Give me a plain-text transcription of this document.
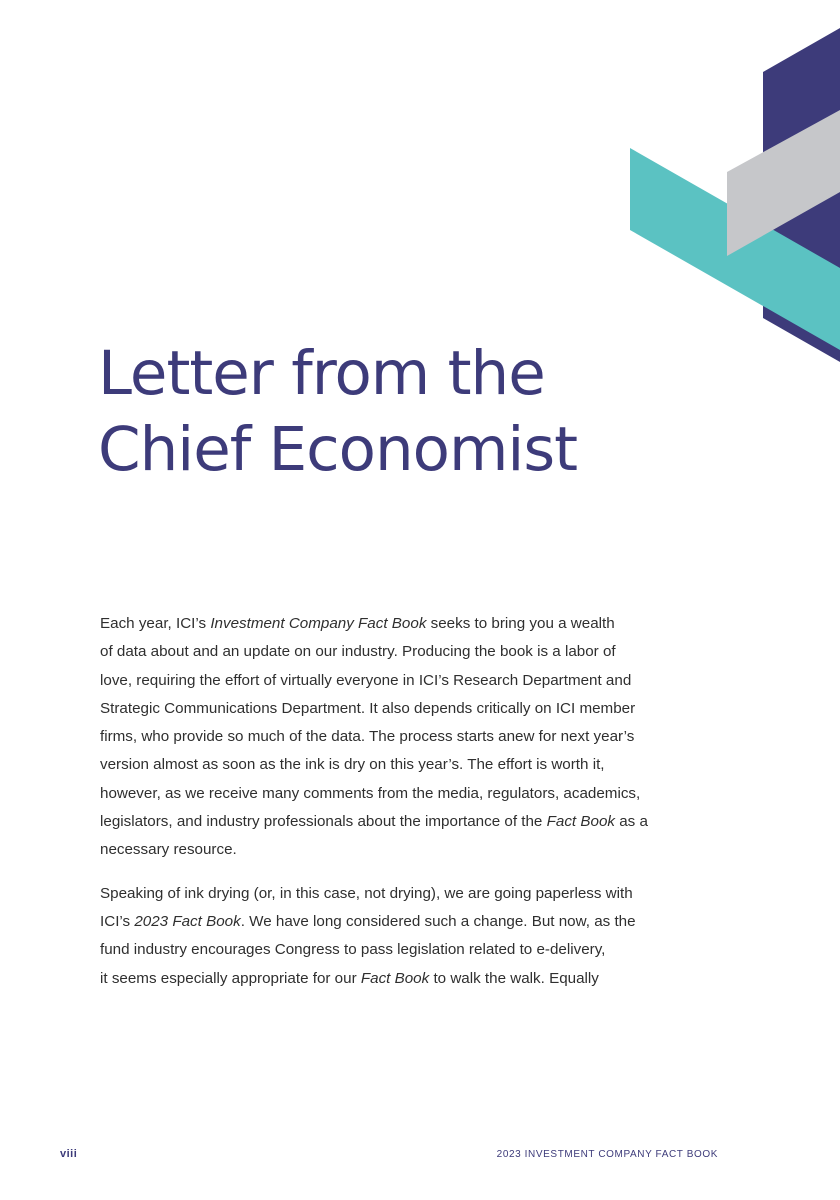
Letter from the
Chief Economist

Each year, ICI’s Investment Company Fact Book seeks to bring you a wealth
of data about and an update on our industry. Producing the book is a labor of
love, requiring the effort of virtually everyone in ICI’s Research Department and
Strategic Communications Department. It also depends critically on ICI member
firms, who provide so much of the data. The process starts anew for next year’s
version almost as soon as the ink is dry on this year’s. The effort is worth it,
however, as we receive many comments from the media, regulators, academics,
legislators, and industry professionals about the importance of the Fact Book as a
necessary resource.

Speaking of ink drying (or, in this case, not drying), we are going paperless with
ICI’s 2023 Fact Book. We have long considered such a change. But now, as the
fund industry encourages Congress to pass legislation related to e-delivery,
it seems especially appropriate for our Fact Book to walk the walk. Equally

viii	2023 INVESTMENT COMPANY FACT BOOK
